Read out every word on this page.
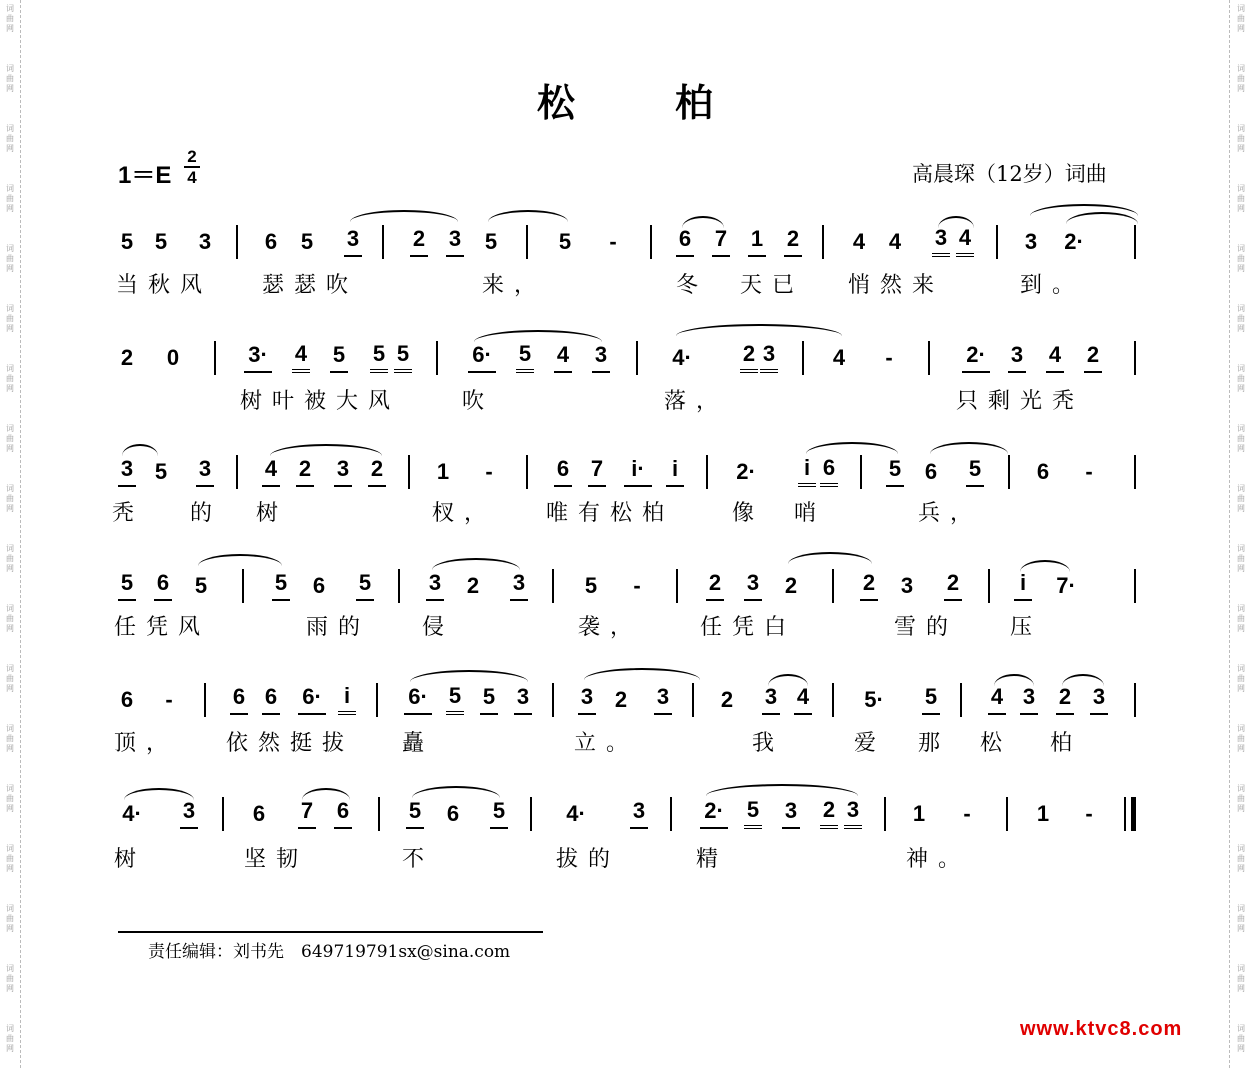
词
曲
网
词
曲
网
词
曲
网
词
曲
网
词
曲
网
词
曲
网
词
曲
网
词
曲
网
词
曲
网
词
曲
网
词
曲
网
词
曲
网
词
曲
网
词
曲
网
词
曲
网
词
曲
网
词
曲
网
词
曲
网
词
曲
网
词
曲
网
词
曲
网
词
曲
网
词
曲
网
词
曲
网
词
曲
网
词
曲
网
词
曲
网
词
曲
网
词
曲
网
词
曲
网
词
曲
网
词
曲
网
词
曲
网
词
曲
网
词
曲
网
词
曲
网
松柏
1＝E
2
4	高晨琛（12岁）词曲
5 5 3 6 5 3 2 3 5	5 -	6 7 1 2 4 4 3 4 3 2·
当秋风 瑟瑟吹	来，	冬 天已 悄然来	到。
2 0	3· 4 5 5 5	6· 5 4 3	4· 2 3	4 -	2· 3 4 2
树叶被大风	吹	落，	只剩光秃
3 5 3 4 2 3 2 1 -	6 7	i·	i	2· i 6 5 6 5	6 -
秃 的 树	杈， 唯有松柏	像 哨	兵，
5 6 5	5 6 5	3 2 3	5 -	2 3 2	2 3 2	i 7·
任凭风	雨的 侵	袭，	任凭白	雪的 压
6 -	6 6 6· i	6· 5 5 3 3 2 3 2 3 4	5· 5 4 3 2 3
顶， 依然挺拔 矗	立。	我	爱 那 松 柏
4· 3	6 7 6	5 6 5	4· 3	2· 5 3 2 3 1 -	1 -
树	坚韧	不	拔的	精	神。
责任编辑：刘书先　649719791sx@sina.com
www.ktvc8.com
